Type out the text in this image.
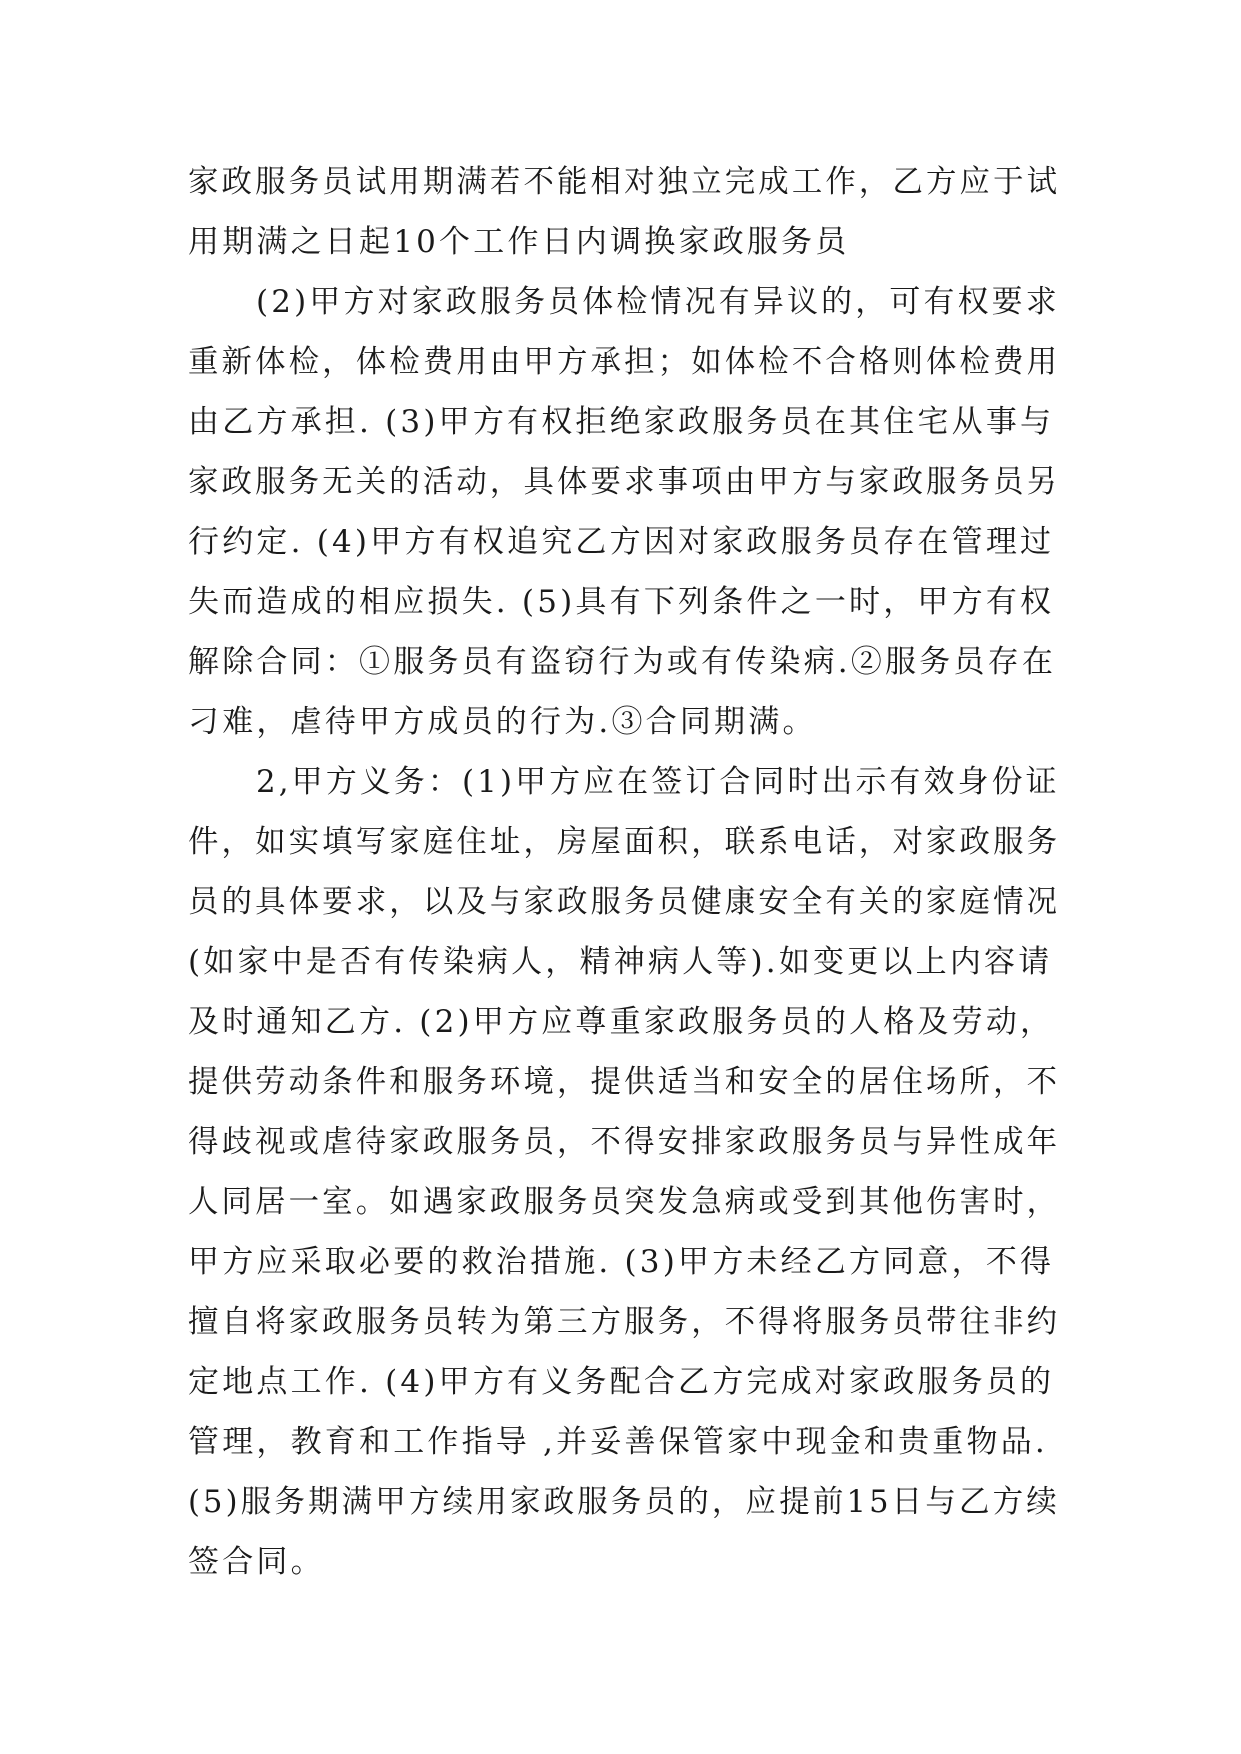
家政服务员试用期满若不能相对独立完成工作，乙方应于试
用期满之日起10个工作日内调换家政服务员
(2)甲方对家政服务员体检情况有异议的，可有权要求
重新体检，体检费用由甲方承担；如体检不合格则体检费用
由乙方承担. (3)甲方有权拒绝家政服务员在其住宅从事与
家政服务无关的活动，具体要求事项由甲方与家政服务员另
行约定. (4)甲方有权追究乙方因对家政服务员存在管理过
失而造成的相应损失. (5)具有下列条件之一时，甲方有权
解除合同：①服务员有盗窃行为或有传染病.②服务员存在
刁难，虐待甲方成员的行为.③合同期满。
2,甲方义务：(1)甲方应在签订合同时出示有效身份证
件，如实填写家庭住址，房屋面积，联系电话，对家政服务
员的具体要求，以及与家政服务员健康安全有关的家庭情况
(如家中是否有传染病人，精神病人等).如变更以上内容请
及时通知乙方. (2)甲方应尊重家政服务员的人格及劳动，
提供劳动条件和服务环境，提供适当和安全的居住场所，不
得歧视或虐待家政服务员，不得安排家政服务员与异性成年
人同居一室。如遇家政服务员突发急病或受到其他伤害时，
甲方应采取必要的救治措施. (3)甲方未经乙方同意，不得
擅自将家政服务员转为第三方服务，不得将服务员带往非约
定地点工作. (4)甲方有义务配合乙方完成对家政服务员的
管理，教育和工作指导 ,并妥善保管家中现金和贵重物品.
(5)服务期满甲方续用家政服务员的，应提前15日与乙方续
签合同。
